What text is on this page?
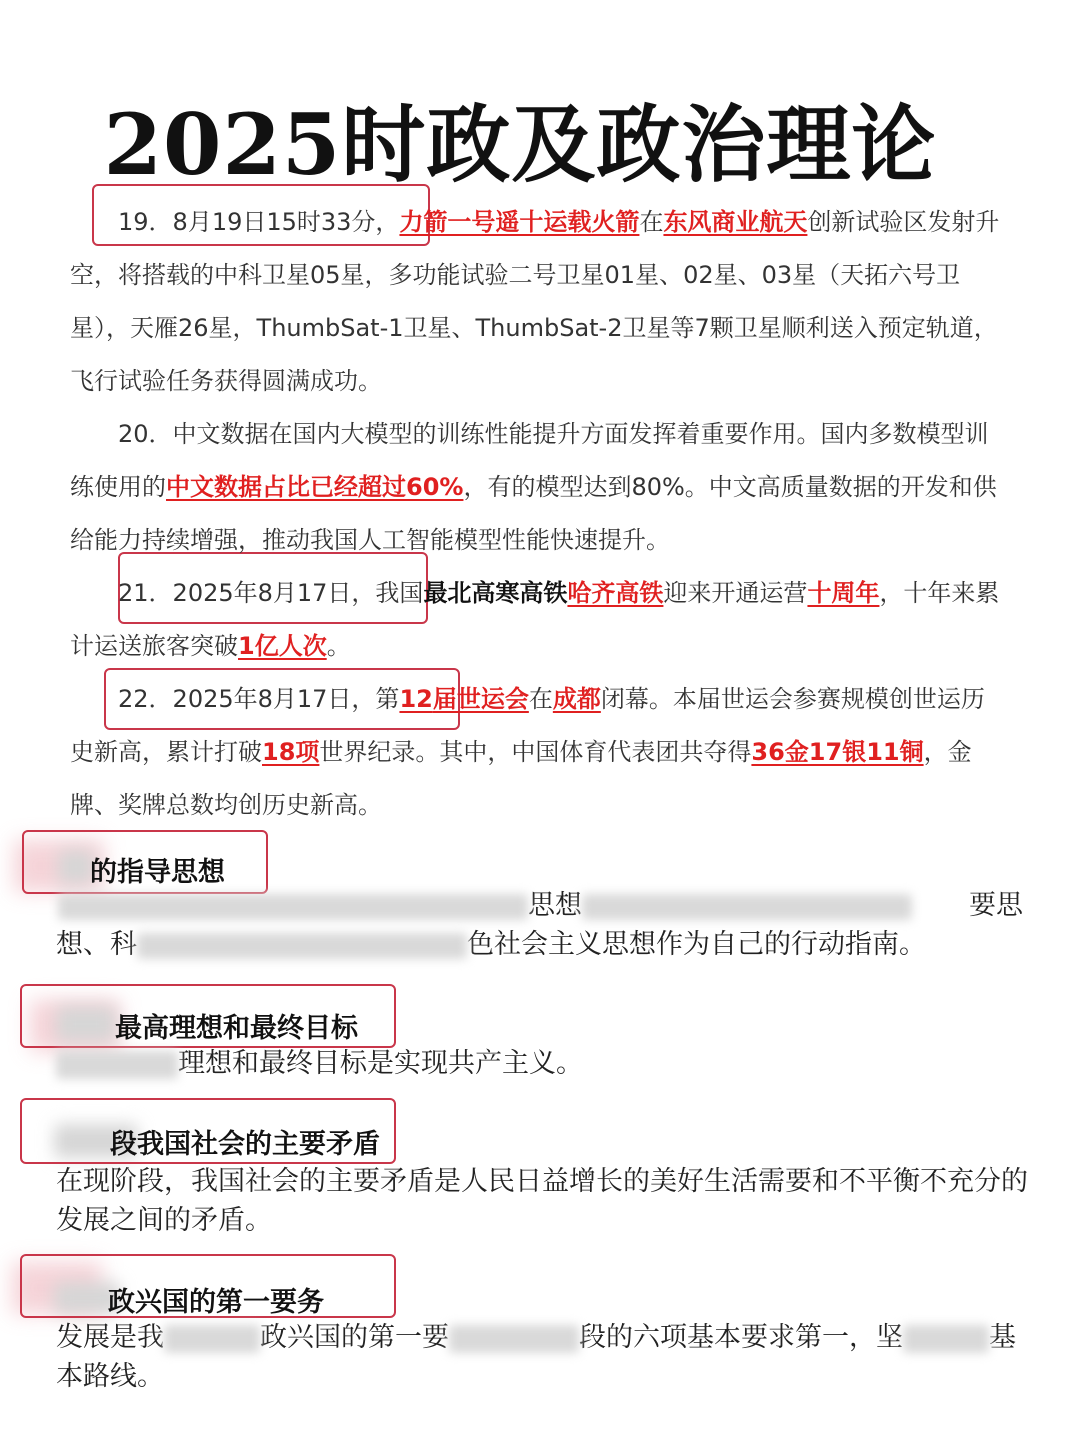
2025时政及政治理论

19．8月19日15时33分，力箭一号遥十运载火箭在东风商业航天创新试验区发射升空，将搭载的中科卫星05星，多功能试验二号卫星01星、02星、03星（天拓六号卫星），天雁26星，ThumbSat-1卫星、ThumbSat-2卫星等7颗卫星顺利送入预定轨道，飞行试验任务获得圆满成功。

20．中文数据在国内大模型的训练性能提升方面发挥着重要作用。国内多数模型训练使用的中文数据占比已经超过60%，有的模型达到80%。中文高质量数据的开发和供给能力持续增强，推动我国人工智能模型性能快速提升。

21．2025年8月17日，我国最北高寒高铁哈齐高铁迎来开通运营十周年，十年来累计运送旅客突破1亿人次。

22．2025年8月17日，第12届世运会在成都闭幕。本届世运会参赛规模创世运历史新高，累计打破18项世界纪录。其中，中国体育代表团共夺得36金17银11铜，金牌、奖牌总数均创历史新高。

的指导思想
思想	要思
想、科	色社会主义思想作为自己的行动指南。
最高理想和最终目标
理想和最终目标是实现共产主义。
段我国社会的主要矛盾
在现阶段，我国社会的主要矛盾是人民日益增长的美好生活需要和不平衡不充分的发展之间的矛盾。
政兴国的第一要务
发展是我	政兴国的第一要	段的六项基本要求第一，坚	基
本路线。
